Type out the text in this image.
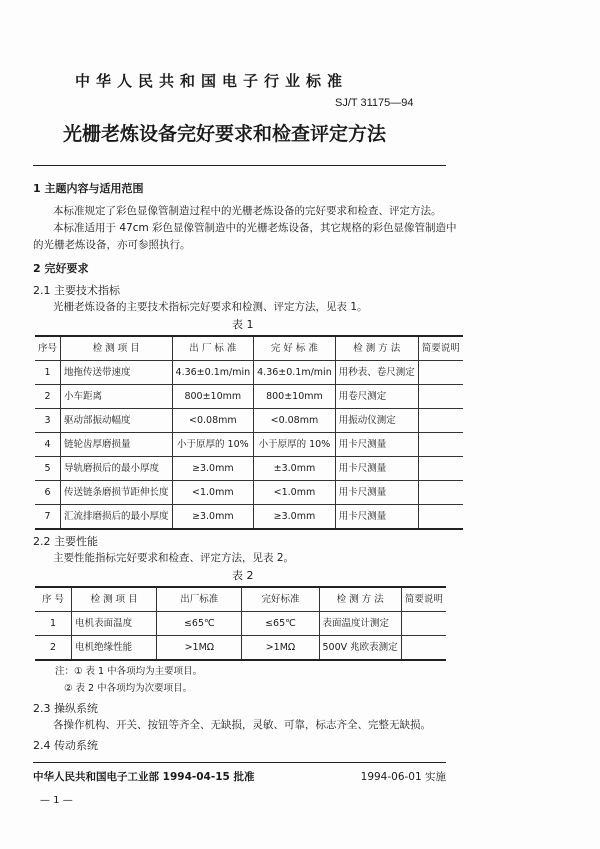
中华人民共和国电子行业标准
SJ/T 31175—94
光栅老炼设备完好要求和检查评定方法
1 主题内容与适用范围
本标准规定了彩色显像管制造过程中的光栅老炼设备的完好要求和检查、评定方法。
本标准适用于 47cm 彩色显像管制造中的光栅老炼设备，其它规格的彩色显像管制造中
的光栅老炼设备，亦可参照执行。
2 完好要求
2.1 主要技术指标
光栅老炼设备的主要技术指标完好要求和检测、评定方法，见表 1。
表 1
序号	检 测 项 目	出 厂 标 准	完 好 标 准	检 测 方 法	简要说明
1	地拖传送带速度	4.36±0.1m/min	4.36±0.1m/min	用秒表、卷尺测定	
2	小车距离	800±10mm	800±10mm	用卷尺测定	
3	驱动部振动幅度	<0.08mm	<0.08mm	用振动仪测定	
4	链轮齿厚磨损量	小于原厚的 10%	小于原厚的 10%	用卡尺测量	
5	导轨磨损后的最小厚度	≥3.0mm	±3.0mm	用卡尺测量	
6	传送链条磨损节距伸长度	<1.0mm	<1.0mm	用卡尺测量	
7	汇流排磨损后的最小厚度	≥3.0mm	≥3.0mm	用卡尺测量	
2.2 主要性能
主要性能指标完好要求和检查、评定方法，见表 2。
表 2
序 号	检 测 项 目	出厂标准	完好标准	检 测 方 法	简要说明
1	电机表面温度	≤65℃	≤65℃	表面温度计测定	
2	电机绝缘性能	>1MΩ	>1MΩ	500V 兆欧表测定	
注：① 表 1 中各项均为主要项目。
② 表 2 中各项均为次要项目。
2.3 操纵系统
各操作机构、开关、按钮等齐全、无缺损，灵敏、可靠，标志齐全、完整无缺损。
2.4 传动系统
中华人民共和国电子工业部 1994-04-15 批准	1994-06-01 实施
— 1 —
